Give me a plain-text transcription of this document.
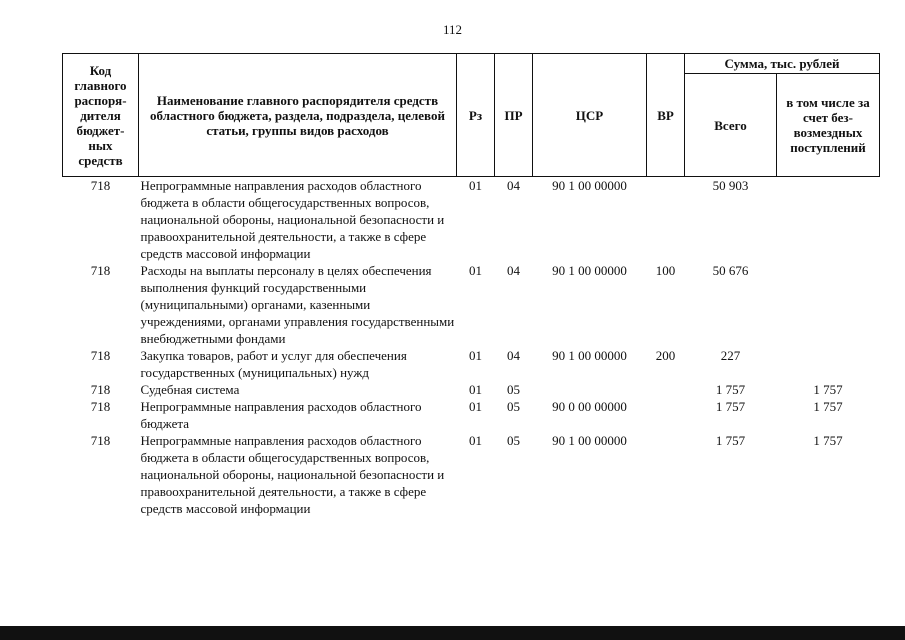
112
Код главного распоря-дителя бюджет-ных средств	Наименование главного распорядителя средств областного бюджета, раздела, подраздела, целевой статьи, группы видов расходов	Рз	ПР	ЦСР	ВР	Сумма, тыс. рублей	
						Всего	в том числе за счет без-возмездных поступлений
718	Непрограммные направления расходов областного бюджета в области общегосударственных вопросов, национальной обороны, национальной безопасности и правоохранительной деятельности, а также в сфере средств массовой информации	01	04	90 1 00 00000		50 903	
718	Расходы на выплаты персоналу в целях обеспечения выполнения функций государственными (муниципальными) органами, казенными учреждениями, органами управления государственными внебюджетными фондами	01	04	90 1 00 00000	100	50 676	
718	Закупка товаров, работ и услуг для обеспечения государственных (муниципальных) нужд	01	04	90 1 00 00000	200	227	
718	Судебная система	01	05			1 757	1 757
718	Непрограммные направления расходов областного бюджета	01	05	90 0 00 00000		1 757	1 757
718	Непрограммные направления расходов областного бюджета в области общегосударственных вопросов, национальной обороны, национальной безопасности и правоохранительной деятельности, а также в сфере средств массовой информации	01	05	90 1 00 00000		1 757	1 757
